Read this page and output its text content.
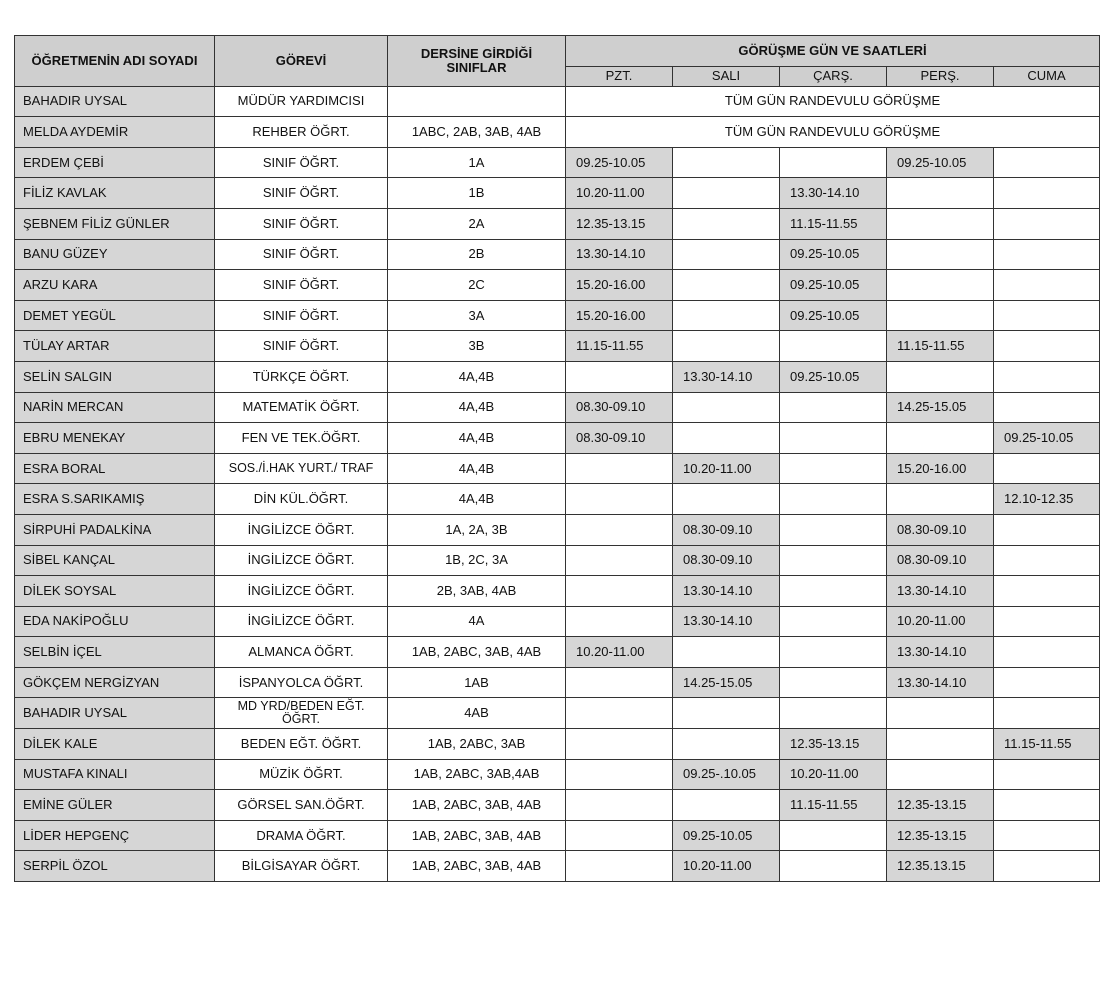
ÖĞRETMENİN ADI SOYADI	GÖREVİ	DERSİNE GİRDİĞİ SINIFLAR	GÖRÜŞME GÜN VE SAATLERİ				
			PZT.	SALI	ÇARŞ.	PERŞ.	CUMA
BAHADIR UYSAL	MÜDÜR YARDIMCISI		TÜM GÜN RANDEVULU GÖRÜŞME				
MELDA AYDEMİR	REHBER ÖĞRT.	1ABC, 2AB, 3AB, 4AB	TÜM GÜN RANDEVULU GÖRÜŞME				
ERDEM ÇEBİ	SINIF ÖĞRT.	1A	09.25-10.05			09.25-10.05	
FİLİZ KAVLAK	SINIF ÖĞRT.	1B	10.20-11.00		13.30-14.10		
ŞEBNEM FİLİZ GÜNLER	SINIF ÖĞRT.	2A	12.35-13.15		11.15-11.55		
BANU GÜZEY	SINIF ÖĞRT.	2B	13.30-14.10		09.25-10.05		
ARZU KARA	SINIF ÖĞRT.	2C	15.20-16.00		09.25-10.05		
DEMET YEGÜL	SINIF ÖĞRT.	3A	15.20-16.00		09.25-10.05		
TÜLAY ARTAR	SINIF ÖĞRT.	3B	11.15-11.55			11.15-11.55	
SELİN SALGIN	TÜRKÇE ÖĞRT.	4A,4B		13.30-14.10	09.25-10.05		
NARİN MERCAN	MATEMATİK ÖĞRT.	4A,4B	08.30-09.10			14.25-15.05	
EBRU MENEKAY	FEN VE TEK.ÖĞRT.	4A,4B	08.30-09.10				09.25-10.05
ESRA BORAL	SOS./İ.HAK YURT./ TRAF	4A,4B		10.20-11.00		15.20-16.00	
ESRA S.SARIKAMIŞ	DİN KÜL.ÖĞRT.	4A,4B					12.10-12.35
SİRPUHİ PADALKİNA	İNGİLİZCE ÖĞRT.	1A, 2A, 3B		08.30-09.10		08.30-09.10	
SİBEL KANÇAL	İNGİLİZCE ÖĞRT.	1B, 2C, 3A		08.30-09.10		08.30-09.10	
DİLEK SOYSAL	İNGİLİZCE ÖĞRT.	2B, 3AB, 4AB		13.30-14.10		13.30-14.10	
EDA NAKİPOĞLU	İNGİLİZCE ÖĞRT.	4A		13.30-14.10		10.20-11.00	
SELBİN İÇEL	ALMANCA ÖĞRT.	1AB, 2ABC, 3AB, 4AB	10.20-11.00			13.30-14.10	
GÖKÇEM NERGİZYAN	İSPANYOLCA ÖĞRT.	1AB		14.25-15.05		13.30-14.10	
BAHADIR UYSAL	MD YRD/BEDEN EĞT. ÖĞRT.	4AB					
DİLEK KALE	BEDEN EĞT. ÖĞRT.	1AB, 2ABC, 3AB			12.35-13.15		11.15-11.55
MUSTAFA KINALI	MÜZİK ÖĞRT.	1AB, 2ABC, 3AB,4AB		09.25-.10.05	10.20-11.00		
EMİNE GÜLER	GÖRSEL SAN.ÖĞRT.	1AB, 2ABC, 3AB, 4AB			11.15-11.55	12.35-13.15	
LİDER HEPGENÇ	DRAMA ÖĞRT.	1AB, 2ABC, 3AB, 4AB		09.25-10.05		12.35-13.15	
SERPİL ÖZOL	BİLGİSAYAR ÖĞRT.	1AB, 2ABC, 3AB, 4AB		10.20-11.00		12.35.13.15	
